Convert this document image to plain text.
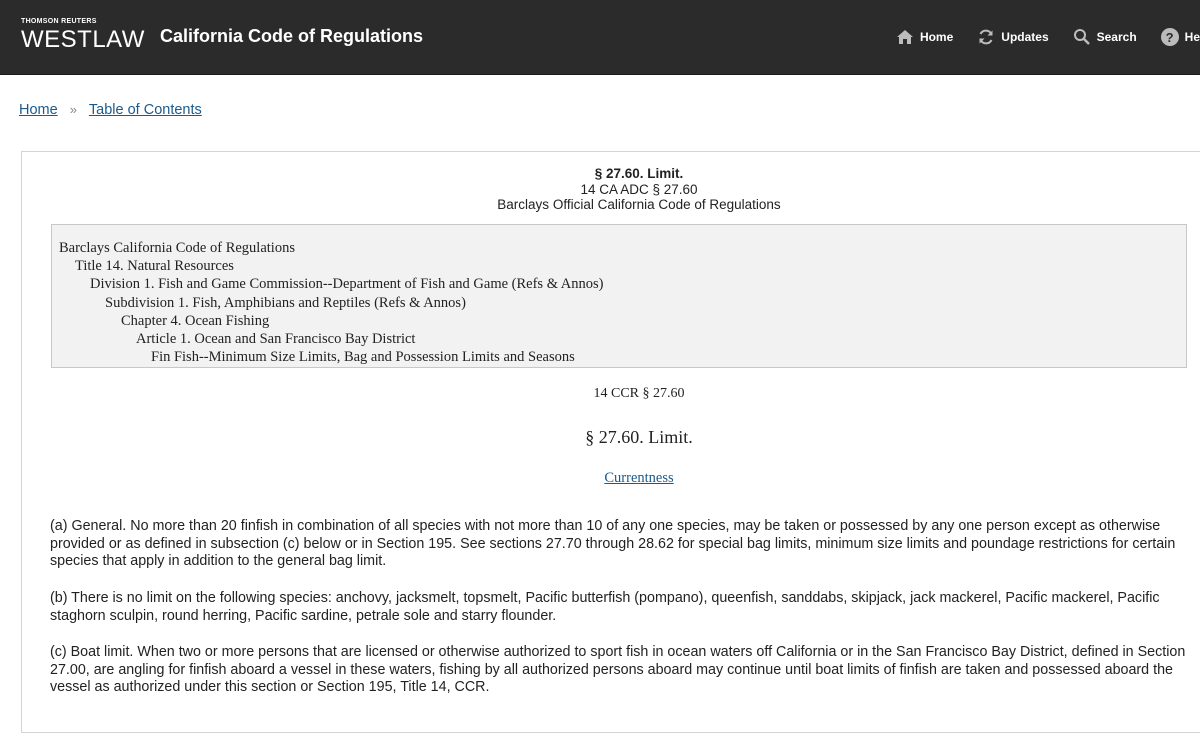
THOMSON REUTERS
WESTLAW California Code of Regulations	Home	Updates	Search	? He
Home » Table of Contents
§ 27.60. Limit.
14 CA ADC § 27.60
Barclays Official California Code of Regulations
Barclays California Code of Regulations
Title 14. Natural Resources
Division 1. Fish and Game Commission--Department of Fish and Game (Refs & Annos)
Subdivision 1. Fish, Amphibians and Reptiles (Refs & Annos)
Chapter 4. Ocean Fishing
Article 1. Ocean and San Francisco Bay District
Fin Fish--Minimum Size Limits, Bag and Possession Limits and Seasons
14 CCR § 27.60
§ 27.60. Limit.
Currentness
(a) General. No more than 20 finfish in combination of all species with not more than 10 of any one species, may be taken or possessed by any one person except as otherwise provided or as defined in subsection (c) below or in Section 195. See sections 27.70 through 28.62 for special bag limits, minimum size limits and poundage restrictions for certain species that apply in addition to the general bag limit.
(b) There is no limit on the following species: anchovy, jacksmelt, topsmelt, Pacific butterfish (pompano), queenfish, sanddabs, skipjack, jack mackerel, Pacific mackerel, Pacific staghorn sculpin, round herring, Pacific sardine, petrale sole and starry flounder.
(c) Boat limit. When two or more persons that are licensed or otherwise authorized to sport fish in ocean waters off California or in the San Francisco Bay District, defined in Section 27.00, are angling for finfish aboard a vessel in these waters, fishing by all authorized persons aboard may continue until boat limits of finfish are taken and possessed aboard the vessel as authorized under this section or Section 195, Title 14, CCR.
